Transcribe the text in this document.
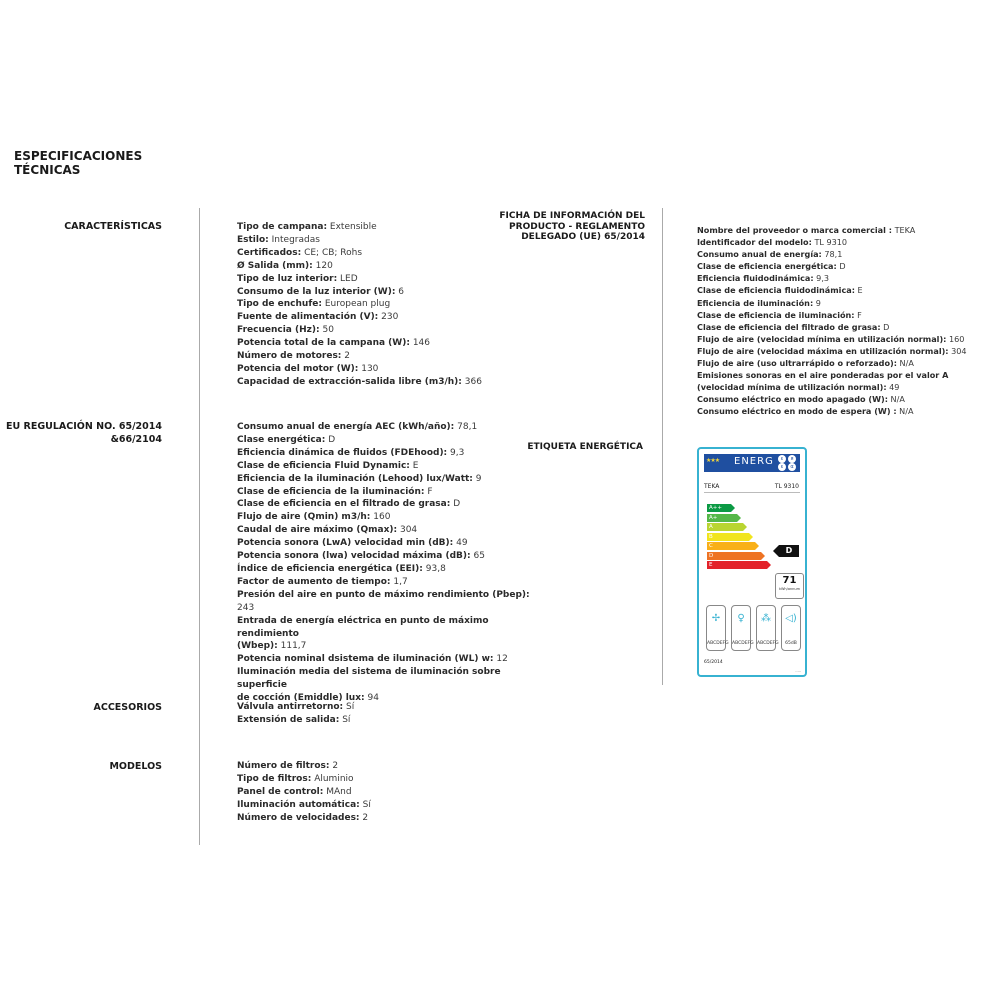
ESPECIFICACIONES
TÉCNICAS
CARACTERÍSTICAS
EU REGULACIÓN NO. 65/2014
&66/2104
ACCESORIOS
MODELOS
Tipo de campana: Extensible
Estilo: Integradas
Certificados: CE; CB; Rohs
Ø Salida (mm): 120
Tipo de luz interior: LED
Consumo de la luz interior (W): 6
Tipo de enchufe: European plug
Fuente de alimentación (V): 230
Frecuencia (Hz): 50
Potencia total de la campana (W): 146
Número de motores: 2
Potencia del motor (W): 130
Capacidad de extracción-salida libre (m3/h): 366
Consumo anual de energía AEC (kWh/año): 78,1
Clase energética: D
Eficiencia dinámica de fluidos (FDEhood): 9,3
Clase de eficiencia Fluid Dynamic: E
Eficiencia de la iluminación (Lehood) lux/Watt: 9
Clase de eficiencia de la iluminación: F
Clase de eficiencia en el filtrado de grasa: D
Flujo de aire (Qmin) m3/h: 160
Caudal de aire máximo (Qmax): 304
Potencia sonora (LwA) velocidad min (dB): 49
Potencia sonora (lwa) velocidad máxima (dB): 65
Índice de eficiencia energética (EEI): 93,8
Factor de aumento de tiempo: 1,7
Presión del aire en punto de máximo rendimiento (Pbep): 243
Entrada de energía eléctrica en punto de máximo rendimiento
(Wbep): 111,7
Potencia nominal dsistema de iluminación (WL) w: 12
Iluminación media del sistema de iluminación sobre superficie
de cocción (Emiddle) lux: 94
Válvula antirretorno: Sí
Extensión de salida: Sí
Número de filtros: 2
Tipo de filtros: Aluminio
Panel de control: MAnd
Iluminación automática: Sí
Número de velocidades: 2
FICHA DE INFORMACIÓN DEL
PRODUCTO - REGLAMENTO
DELEGADO (UE) 65/2014
Nombre del proveedor o marca comercial : TEKA
Identificador del modelo: TL 9310
Consumo anual de energía: 78,1
Clase de eficiencia energética: D
Eficiencia fluidodinámica: 9,3
Clase de eficiencia fluidodinámica: E
Eficiencia de iluminación: 9
Clase de eficiencia de iluminación: F
Clase de eficiencia del filtrado de grasa: D
Flujo de aire (velocidad mínima en utilización normal): 160
Flujo de aire (velocidad máxima en utilización normal): 304
Flujo de aire (uso ultrarrápido o reforzado): N/A
Emisiones sonoras en el aire ponderadas por el valor A
(velocidad mínima de utilización normal): 49
Consumo eléctrico en modo apagado (W): N/A
Consumo eléctrico en modo de espera (W) : N/A
ETIQUETA ENERGÉTICA
★★★
ENERG	ε	я
ε	α
TEKA	TL 9310
A++
A+
A
B
C
D
E
D
71
kWh/annum
✢
ABCDEFG
♀
ABCDEFG
⁂
ABCDEFG
◁)
65dB
65/2014
·····
